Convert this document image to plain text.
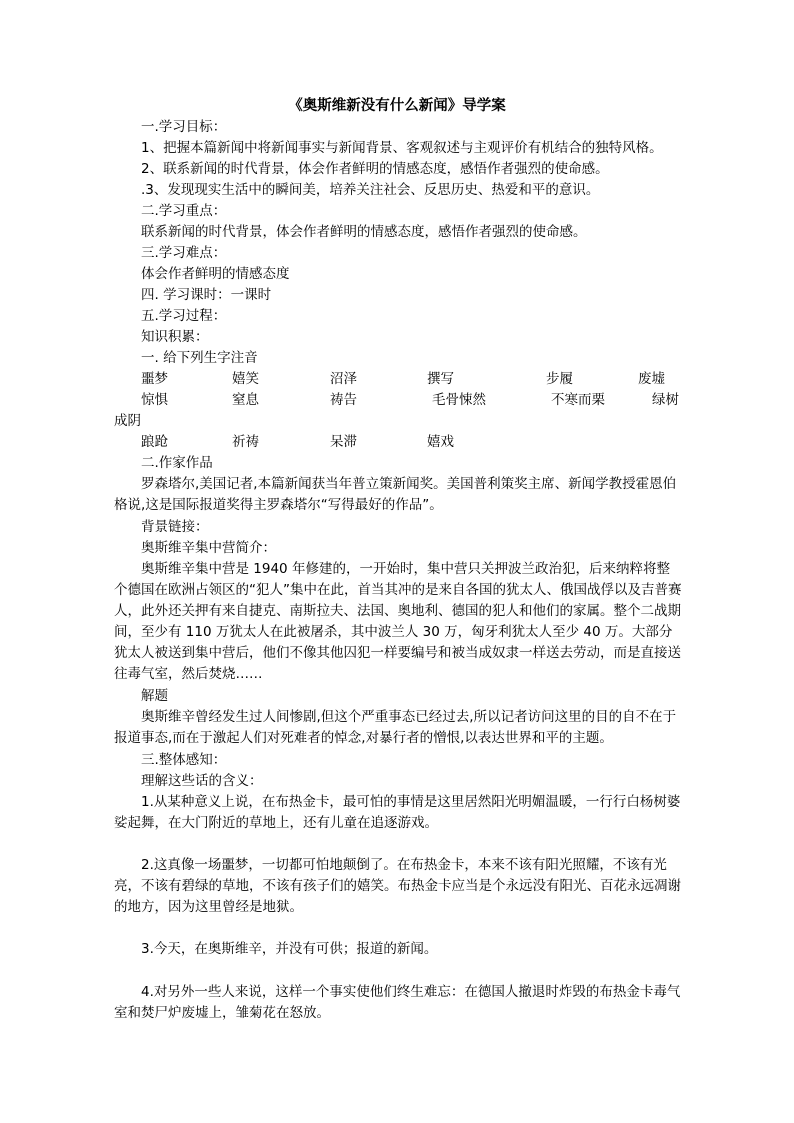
《奥斯维新没有什么新闻》导学案
一.学习目标：
1、把握本篇新闻中将新闻事实与新闻背景、客观叙述与主观评价有机结合的独特风格。
2、联系新闻的时代背景，体会作者鲜明的情感态度，感悟作者强烈的使命感。
.3、发现现实生活中的瞬间美，培养关注社会、反思历史、热爱和平的意识。
二.学习重点：
联系新闻的时代背景，体会作者鲜明的情感态度，感悟作者强烈的使命感。
三.学习难点：
体会作者鲜明的情感态度
四. 学习课时：一课时
五.学习过程：
知识积累：
一. 给下列生字注音
噩梦	嬉笑	沼泽	撰写	步履	废墟
惊惧	窒息	祷告	毛骨悚然	不寒而栗	绿树
成阴
踉跄	祈祷	呆滞	嬉戏
二.作家作品

罗森塔尔,美国记者,本篇新闻获当年普立策新闻奖。美国普利策奖主席、新闻学教授霍恩伯格说,这是国际报道奖得主罗森塔尔“写得最好的作品”。

背景链接：
奥斯维辛集中营简介：

奥斯维辛集中营是 1940 年修建的，一开始时，集中营只关押波兰政治犯，后来纳粹将整个德国在欧洲占领区的“犯人”集中在此，首当其冲的是来自各国的犹太人、俄国战俘以及吉普赛人，此外还关押有来自捷克、南斯拉夫、法国、奥地利、德国的犯人和他们的家属。整个二战期间，至少有 110 万犹太人在此被屠杀，其中波兰人 30 万，匈牙利犹太人至少 40 万。大部分犹太人被送到集中营后，他们不像其他囚犯一样要编号和被当成奴隶一样送去劳动，而是直接送往毒气室，然后焚烧……

解题

奥斯维辛曾经发生过人间惨剧,但这个严重事态已经过去,所以记者访问这里的目的自不在于报道事态,而在于激起人们对死难者的悼念,对暴行者的憎恨,以表达世界和平的主题。

三.整体感知：
理解这些话的含义：

1.从某种意义上说，在布热金卡，最可怕的事情是这里居然阳光明媚温暖，一行行白杨树婆娑起舞，在大门附近的草地上，还有儿童在追逐游戏。

2.这真像一场噩梦，一切都可怕地颠倒了。在布热金卡，本来不该有阳光照耀，不该有光亮，不该有碧绿的草地，不该有孩子们的嬉笑。布热金卡应当是个永远没有阳光、百花永远凋谢的地方，因为这里曾经是地狱。

3.今天，在奥斯维辛，并没有可供；报道的新闻。

4.对另外一些人来说，这样一个事实使他们终生难忘：在德国人撤退时炸毁的布热金卡毒气室和焚尸炉废墟上，雏菊花在怒放。
